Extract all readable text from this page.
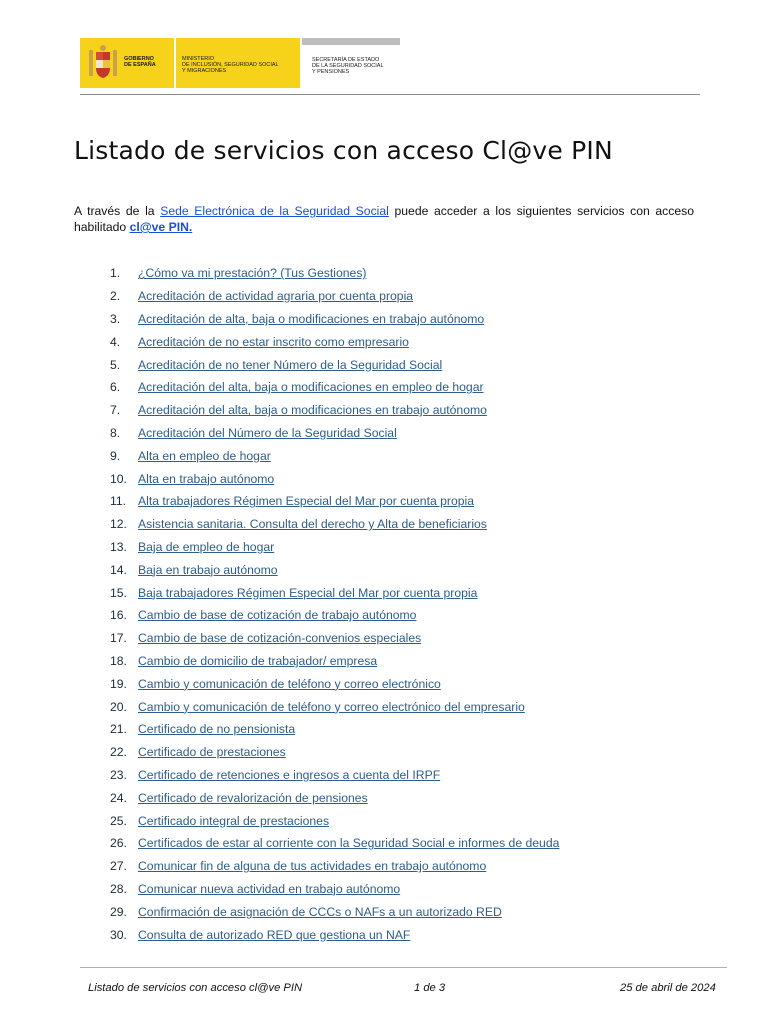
GOBIERNO
DE ESPAÑA
MINISTERIO
DE INCLUSIÓN, SEGURIDAD SOCIAL
Y MIGRACIONES
SECRETARÍA DE ESTADO
DE LA SEGURIDAD SOCIAL
Y PENSIONES
Listado de servicios con acceso Cl@ve PIN

A través de la Sede Electrónica de la Seguridad Social puede acceder a los siguientes servicios con acceso habilitado cl@ve PIN.

1.	¿Cómo va mi prestación? (Tus Gestiones)
2.	Acreditación de actividad agraria por cuenta propia
3.	Acreditación de alta, baja o modificaciones en trabajo autónomo
4.	Acreditación de no estar inscrito como empresario
5.	Acreditación de no tener Número de la Seguridad Social
6.	Acreditación del alta, baja o modificaciones en empleo de hogar
7.	Acreditación del alta, baja o modificaciones en trabajo autónomo
8.	Acreditación del Número de la Seguridad Social
9.	Alta en empleo de hogar
10. Alta en trabajo autónomo
11. Alta trabajadores Régimen Especial del Mar por cuenta propia
12. Asistencia sanitaria. Consulta del derecho y Alta de beneficiarios
13. Baja de empleo de hogar
14. Baja en trabajo autónomo
15. Baja trabajadores Régimen Especial del Mar por cuenta propia
16. Cambio de base de cotización de trabajo autónomo
17. Cambio de base de cotización-convenios especiales
18. Cambio de domicilio de trabajador/ empresa
19. Cambio y comunicación de teléfono y correo electrónico
20. Cambio y comunicación de teléfono y correo electrónico del empresario
21. Certificado de no pensionista
22. Certificado de prestaciones
23. Certificado de retenciones e ingresos a cuenta del IRPF
24. Certificado de revalorización de pensiones
25. Certificado integral de prestaciones
26. Certificados de estar al corriente con la Seguridad Social e informes de deuda
27. Comunicar fin de alguna de tus actividades en trabajo autónomo
28. Comunicar nueva actividad en trabajo autónomo
29. Confirmación de asignación de CCCs o NAFs a un autorizado RED
30. Consulta de autorizado RED que gestiona un NAF
Listado de servicios con acceso cl@ve PIN	1 de 3	25 de abril de 2024
